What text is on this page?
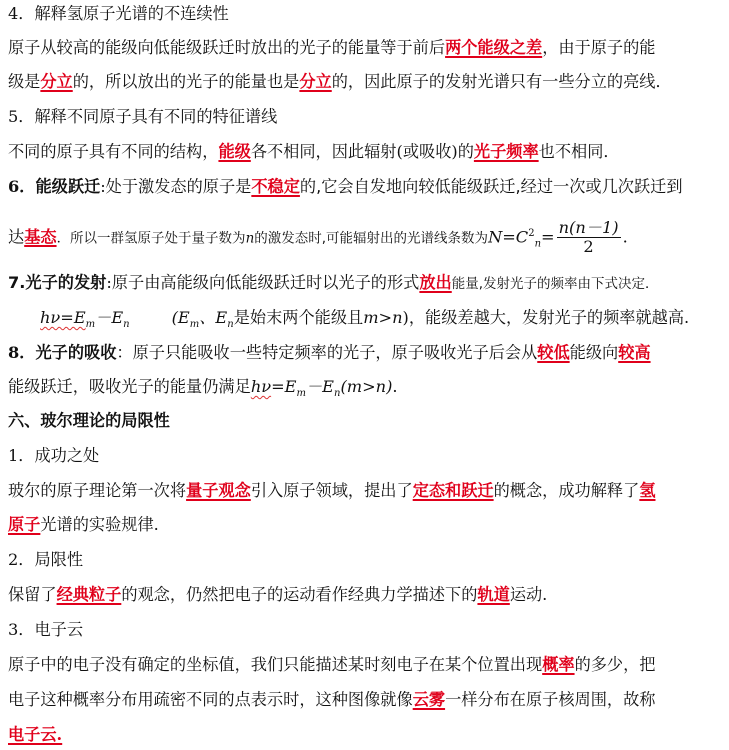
4．解释氢原子光谱的不连续性
原子从较高的能级向低能级跃迁时放出的光子的能量等于前后两个能级之差，由于原子的能
级是分立的，所以放出的光子的能量也是分立的，因此原子的发射光谱只有一些分立的亮线．
5．解释不同原子具有不同的特征谱线
不同的原子具有不同的结构，能级各不相同，因此辐射(或吸收)的光子频率也不相同．
6．能级跃迁:处于激发态的原子是不稳定的,它会自发地向较低能级跃迁,经过一次或几次跃迁到
达基态．所以一群氢原子处于量子数为n的激发态时,可能辐射出的光谱线条数为$N=C^2_n= \frac{n(n-1)}{2}$ .
7.光子的发射:原子由高能级向低能级跃迁时以光子的形式放出能量,发射光子的频率由下式决定．
$h\nu=E_m-E_n$	($E_m$、$E_n$是始末两个能级且m>n)，能级差越大，发射光子的频率就越高.
8．光子的吸收：原子只能吸收一些特定频率的光子，原子吸收光子后会从较低能级向较高
能级跃迁，吸收光子的能量仍满足$h\nu=E_m-E_n(m>n)$.
六、玻尔理论的局限性
1．成功之处
玻尔的原子理论第一次将量子观念引入原子领域，提出了定态和跃迁的概念，成功解释了氢
原子光谱的实验规律.
2．局限性
保留了经典粒子的观念，仍然把电子的运动看作经典力学描述下的轨道运动.
3．电子云
原子中的电子没有确定的坐标值，我们只能描述某时刻电子在某个位置出现概率的多少，把
电子这种概率分布用疏密不同的点表示时，这种图像就像云雾一样分布在原子核周围，故称
电子云.
